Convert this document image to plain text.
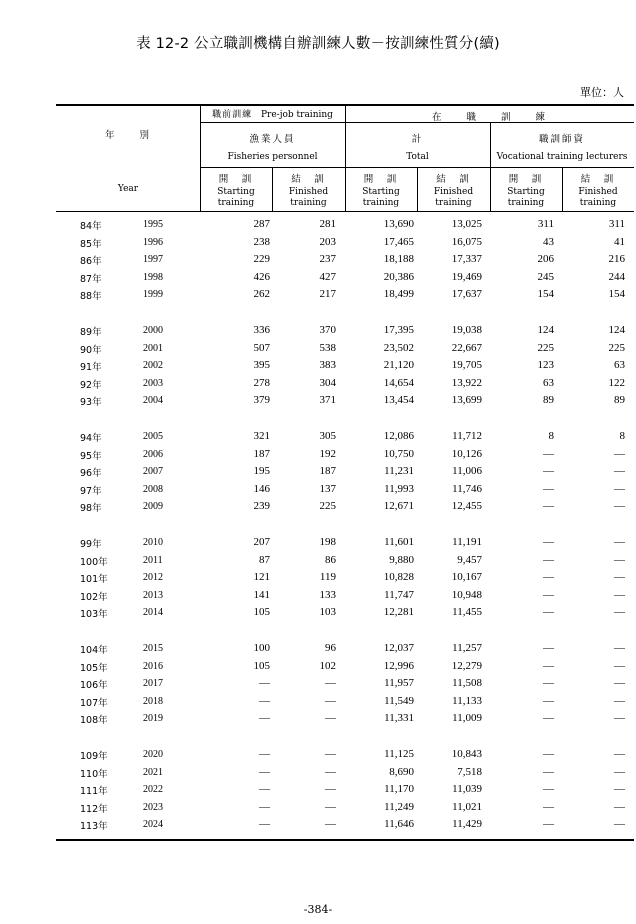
表 12-2 公立職訓機構自辦訓練人數－按訓練性質分(續)
單位：人
年　　別
Year
職前訓練 Pre-job training	在　　職　　訓　　練
漁業人員
Fisheries personnel
計
Total
職訓師資
Vocational training lecturers
開　訓
Starting
training
結　訓
Finished
training
開　訓
Starting
training
結　訓
Finished
training
開　訓
Starting
training
結　訓
Finished
training
84年	1995	287	281	13,690	13,025	311	311
85年	1996	238	203	17,465	16,075	43	41
86年	1997	229	237	18,188	17,337	206	216
87年	1998	426	427	20,386	19,469	245	244
88年	1999	262	217	18,499	17,637	154	154
89年	2000	336	370	17,395	19,038	124	124
90年	2001	507	538	23,502	22,667	225	225
91年	2002	395	383	21,120	19,705	123	63
92年	2003	278	304	14,654	13,922	63	122
93年	2004	379	371	13,454	13,699	89	89
94年	2005	321	305	12,086	11,712	8	8
95年	2006	187	192	10,750	10,126	—	—
96年	2007	195	187	11,231	11,006	—	—
97年	2008	146	137	11,993	11,746	—	—
98年	2009	239	225	12,671	12,455	—	—
99年	2010	207	198	11,601	11,191	—	—
100年	2011	87	86	9,880	9,457	—	—
101年	2012	121	119	10,828	10,167	—	—
102年	2013	141	133	11,747	10,948	—	—
103年	2014	105	103	12,281	11,455	—	—
104年	2015	100	96	12,037	11,257	—	—
105年	2016	105	102	12,996	12,279	—	—
106年	2017	—	—	11,957	11,508	—	—
107年	2018	—	—	11,549	11,133	—	—
108年	2019	—	—	11,331	11,009	—	—
109年	2020	—	—	11,125	10,843	—	—
110年	2021	—	—	8,690	7,518	—	—
111年	2022	—	—	11,170	11,039	—	—
112年	2023	—	—	11,249	11,021	—	—
113年	2024	—	—	11,646	11,429	—	—
-384-
